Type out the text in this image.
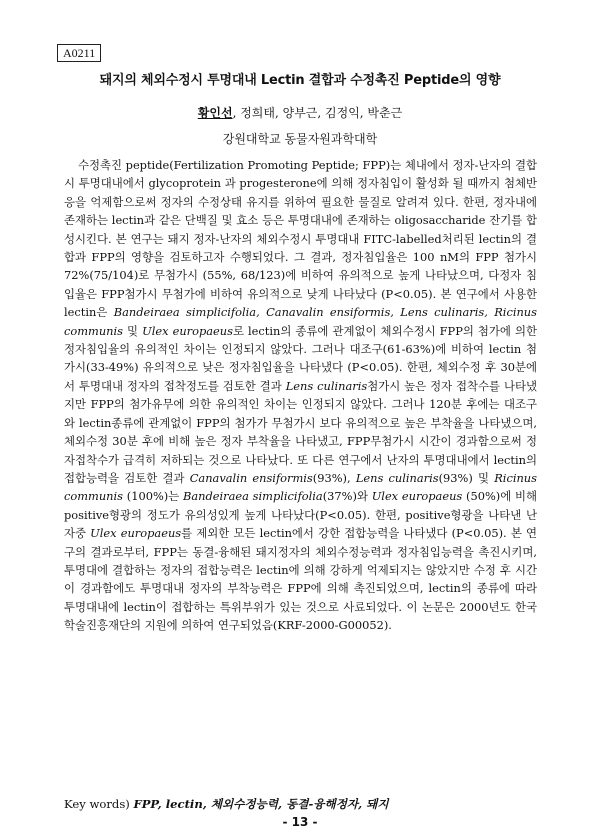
A0211
돼지의 체외수정시 투명대내 Lectin 결합과 수정촉진 Peptide의 영향
황인선, 정희태, 양부근, 김정익, 박춘근
강원대학교 동물자원과학대학

수정촉진 peptide(Fertilization Promoting Peptide; FPP)는 체내에서 정자-난자의 결합시 투명대내에서 glycoprotein 과 progesterone에 의해 정자침입이 활성화 될 때까지 첨체반응을 억제함으로써 정자의 수정상태 유지를 위하여 필요한 물질로 알려져 있다. 한편, 정자내에 존재하는 lectin과 같은 단백질 및 효소 등은 투명대내에 존재하는 oligosaccharide 잔기를 합성시킨다. 본 연구는 돼지 정자-난자의 체외수정시 투명대내 FITC-labelled처리된 lectin의 결합과 FPP의 영향을 검토하고자 수행되었다. 그 결과, 정자침입율은 100 nM의 FPP 첨가시 72%(75/104)로 무첨가시 (55%, 68/123)에 비하여 유의적으로 높게 나타났으며, 다정자 침입율은 FPP첨가시 무첨가에 비하여 유의적으로 낮게 나타났다 (P<0.05). 본 연구에서 사용한 lectin은 Bandeiraea simplicifolia, Canavalin ensiformis, Lens culinaris, Ricinus communis 및 Ulex europaeus로 lectin의 종류에 관계없이 체외수정시 FPP의 첨가에 의한 정자침입율의 유의적인 차이는 인정되지 않았다. 그러나 대조구(61-63%)에 비하여 lectin 첨가시(33-49%) 유의적으로 낮은 정자침입율을 나타냈다 (P<0.05). 한편, 체외수정 후 30분에서 투명대내 정자의 접착정도를 검토한 결과 Lens culinaris첨가시 높은 정자 접착수를 나타냈지만 FPP의 첨가유무에 의한 유의적인 차이는 인정되지 않았다. 그러나 120분 후에는 대조구와 lectin종류에 관계없이 FPP의 첨가가 무첨가시 보다 유의적으로 높은 부착율을 나타냈으며, 체외수정 30분 후에 비해 높은 정자 부착율을 나타냈고, FPP무첨가시 시간이 경과함으로써 정자접착수가 급격히 저하되는 것으로 나타났다. 또 다른 연구에서 난자의 투명대내에서 lectin의 접합능력을 검토한 결과 Canavalin ensiformis(93%), Lens culinaris(93%) 및 Ricinus communis (100%)는 Bandeiraea simplicifolia(37%)와 Ulex europaeus (50%)에 비해 positive형광의 정도가 유의성있게 높게 나타났다(P<0.05). 한편, positive형광을 나타낸 난자중 Ulex europaeus를 제외한 모든 lectin에서 강한 접합능력을 나타냈다 (P<0.05). 본 연구의 결과로부터, FPP는 동결-융해된 돼지정자의 체외수정능력과 정자침입능력을 촉진시키며, 투명대에 결합하는 정자의 접합능력은 lectin에 의해 강하게 억제되지는 않았지만 수정 후 시간이 경과함에도 투명대내 정자의 부착능력은 FPP에 의해 촉진되었으며, lectin의 종류에 따라 투명대내에 lectin이 접합하는 특위부위가 있는 것으로 사료되었다. 이 논문은 2000년도 한국학술진흥재단의 지원에 의하여 연구되었음(KRF-2000-G00052).

Key words) FPP, lectin, 체외수정능력, 동결-융해정자, 돼지
- 13 -
